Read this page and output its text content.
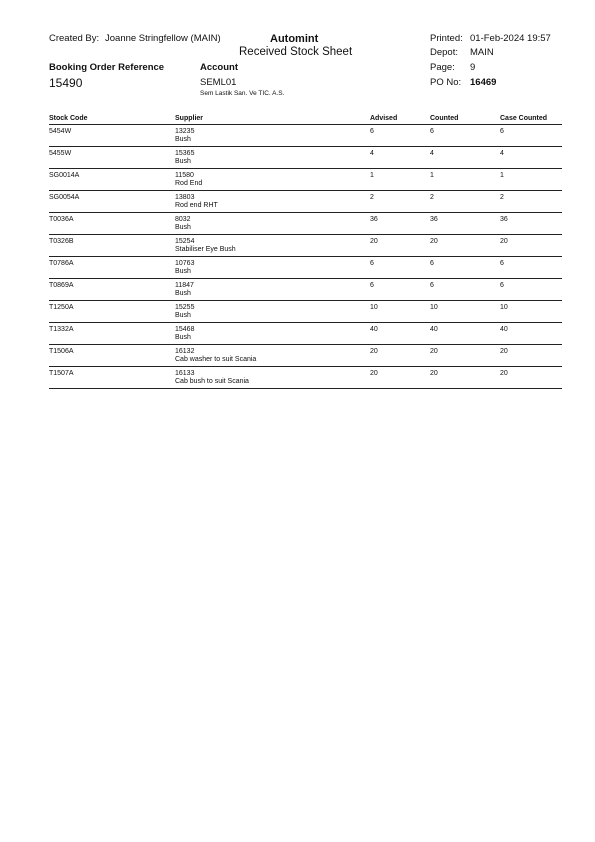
Created By: Joanne Stringfellow (MAIN)	Automint
Received Stock Sheet
Printed: 01-Feb-2024 19:57
Depot: MAIN
Page: 9
PO No: 16469
Booking Order Reference
15490
Account
SEML01
Sem Lastik San. Ve TIC. A.S.
Stock Code	Supplier	Advised	Counted	Case Counted
5454W	13235	6	6	6
Bush
5455W	15365	4	4	4
Bush
SG0014A	11580	1	1	1
Rod End
SG0054A	13803	2	2	2
Rod end RHT
T0036A	8032	36	36	36
Bush
T0326B	15254	20	20	20
Stabiliser Eye Bush
T0786A	10763	6	6	6
Bush
T0869A	11847	6	6	6
Bush
T1250A	15255	10	10	10
Bush
T1332A	15468	40	40	40
Bush
T1506A	16132	20	20	20
Cab washer to suit Scania
T1507A	16133	20	20	20
Cab bush to suit Scania
